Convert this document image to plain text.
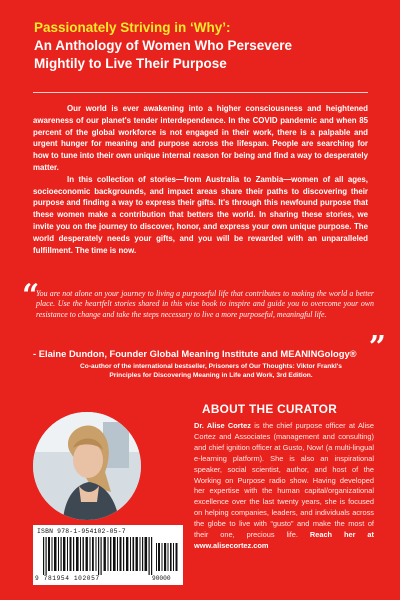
Passionately Striving in ‘Why’:
An Anthology of Women Who Persevere
Mightily to Live Their Purpose

Our world is ever awakening into a higher consciousness and heightened awareness of our planet's tender interdependence. In the COVID pandemic and when 85 percent of the global workforce is not engaged in their work, there is a palpable and urgent hunger for meaning and purpose across the lifespan. People are searching for how to tune into their own unique internal reason for being and find a way to desperately matter.

In this collection of stories—from Australia to Zambia—women of all ages, socioeconomic backgrounds, and impact areas share their paths to discovering their purpose and finding a way to express their gifts. It's through this newfound purpose that these women make a contribution that betters the world. In sharing these stories, we invite you on the journey to discover, honor, and express your own unique purpose. The world desperately needs your gifts, and you will be rewarded with an unparalleled fulfillment. The time is now.

“
You are not alone on your journey to living a purposeful life that contributes to making the world a better place. Use the heartfelt stories shared in this wise book to inspire and guide you to overcome your own resistance to change and take the steps necessary to live a more purposeful, meaningful life.
”
- Elaine Dundon, Founder Global Meaning Institute and MEANINGology®
Co-author of the international bestseller, Prisoners of Our Thoughts: Viktor Frankl's
Principles for Discovering Meaning in Life and Work, 3rd Edition.
ABOUT THE CURATOR
Dr. Alise Cortez is the chief purpose officer at Alise Cortez and Associates (management and consulting) and chief ignition officer at Gusto, Now! (a multi-lingual e-learning platform). She is also an inspirational speaker, social scientist, author, and host of the Working on Purpose radio show. Having developed her expertise with the human capital/organizational excellence over the last twenty years, she is focused on helping companies, leaders, and individuals across the globe to live with “gusto” and make the most of their one, precious life. Reach her at www.alisecortez.com
ISBN 978-1-954102-05-7
9 781954 102057	90000
